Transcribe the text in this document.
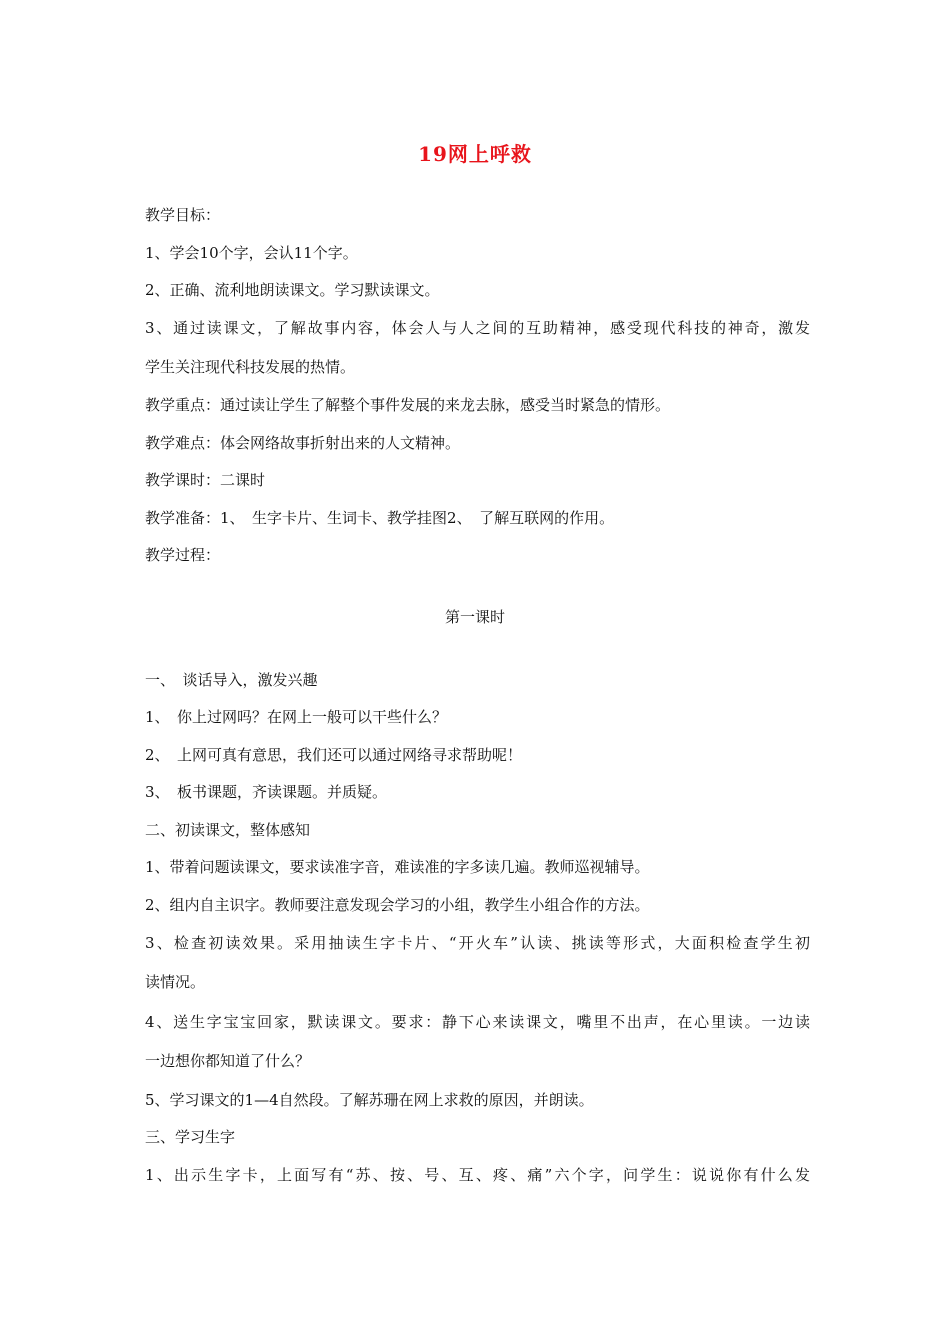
19网上呼救
教学目标：
1、学会10个字，会认11个字。
2、正确、流利地朗读课文。学习默读课文。
3、通过读课文，了解故事内容，体会人与人之间的互助精神，感受现代科技的神奇，激发
学生关注现代科技发展的热情。
教学重点：通过读让学生了解整个事件发展的来龙去脉，感受当时紧急的情形。
教学难点：体会网络故事折射出来的人文精神。
教学课时：二课时
教学准备：1、　生字卡片、生词卡、教学挂图2、　了解互联网的作用。
教学过程：
第一课时
一、　谈话导入，激发兴趣
1、　你上过网吗？在网上一般可以干些什么？
2、　上网可真有意思，我们还可以通过网络寻求帮助呢！
3、　板书课题，齐读课题。并质疑。
二、初读课文，整体感知
1、带着问题读课文，要求读准字音，难读准的字多读几遍。教师巡视辅导。
2、组内自主识字。教师要注意发现会学习的小组，教学生小组合作的方法。
3、检查初读效果。采用抽读生字卡片、“开火车”认读、挑读等形式，大面积检查学生初
读情况。
4、送生字宝宝回家，默读课文。要求：静下心来读课文，嘴里不出声，在心里读。一边读
一边想你都知道了什么？
5、学习课文的1—4自然段。了解苏珊在网上求救的原因，并朗读。
三、学习生字
1、出示生字卡，上面写有“苏、按、号、互、疼、痛”六个字，问学生：说说你有什么发
